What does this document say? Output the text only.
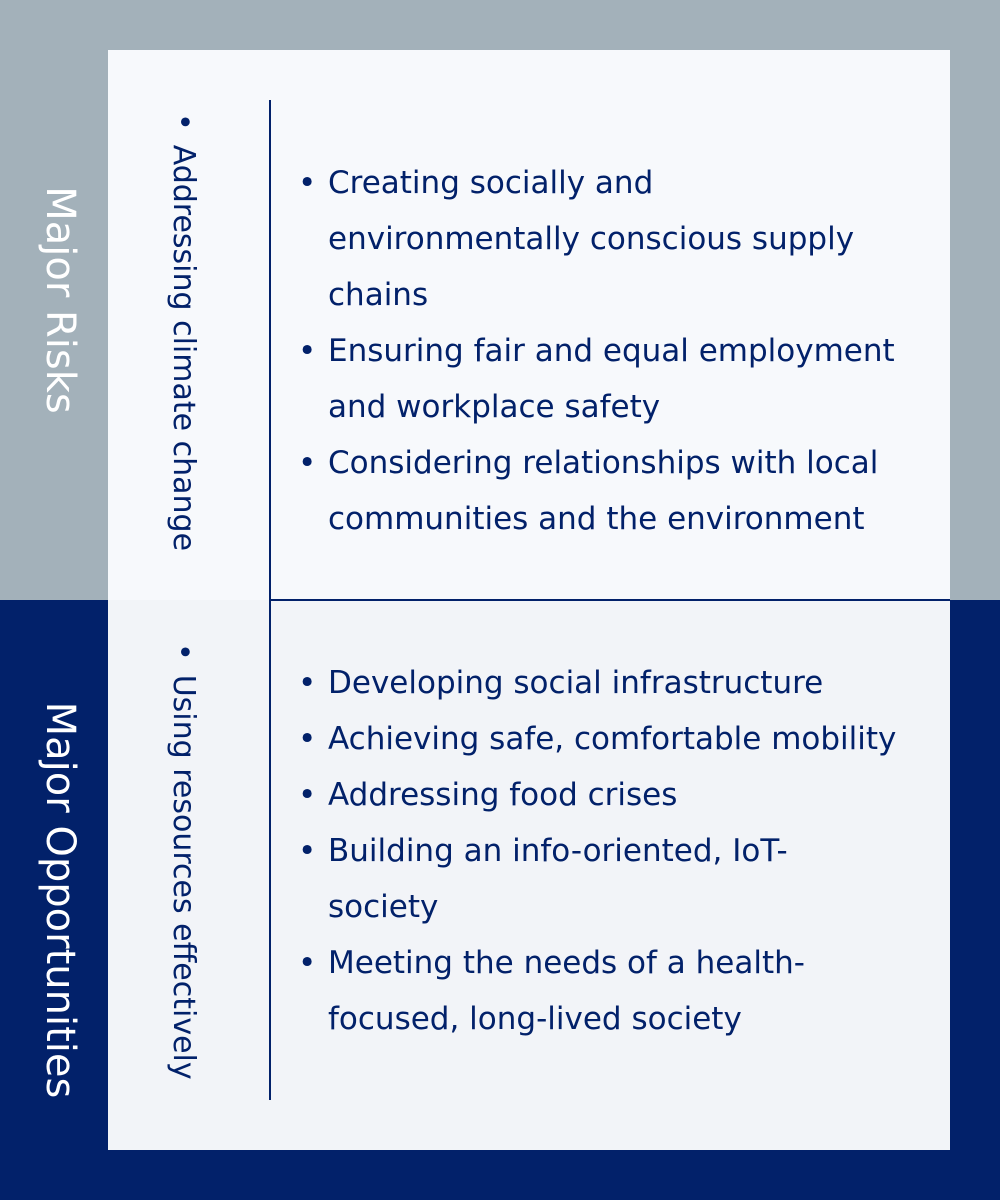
Major Risks
Major Opportunities
•Addressing climate change
•Using resources effectively
• Creating socially and
environmentally conscious supply
chains
• Ensuring fair and equal employment
and workplace safety
• Considering relationships with local
communities and the environment
• Developing social infrastructure
• Achieving safe, comfortable mobility
• Addressing food crises
• Building an info-oriented, IoT-
society
• Meeting the needs of a health-
focused, long-lived society
